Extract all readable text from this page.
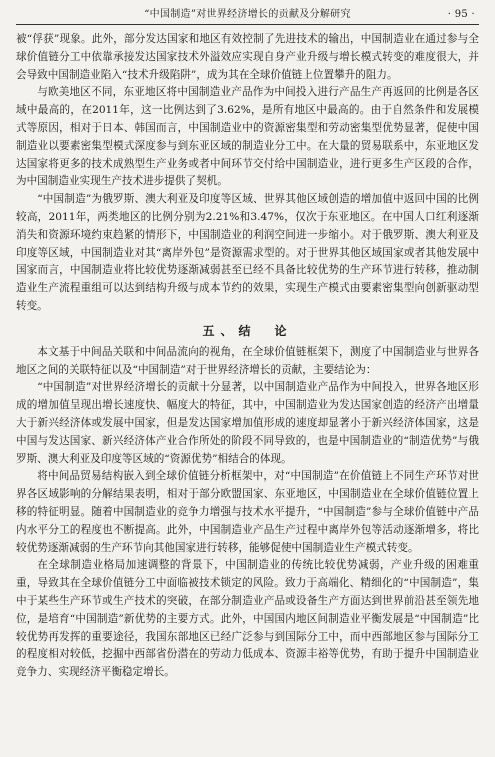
“中国制造”对世界经济增长的贡献及分解研究	· 95 ·

被“俘获”现象。此外，部分发达国家和地区有效控制了先进技术的输出，中国制造业在通过参与全球价值链分工中依靠承接发达国家技术外溢效应实现自身产业升级与增长模式转变的难度很大，并会导致中国制造业陷入“技术升级陷阱”，成为其在全球价值链上位置攀升的阻力。

与欧美地区不同，东亚地区将中国制造业产品作为中间投入进行产品生产再返回的比例是各区域中最高的，在2011年，这一比例达到了3.62%，是所有地区中最高的。由于自然条件和发展模式等原因，相对于日本、韩国而言，中国制造业中的资源密集型和劳动密集型优势显著，促使中国制造业以要素密集型模式深度参与到东亚区域的制造业分工中。在大量的贸易联系中，东亚地区发达国家将更多的技术成熟型生产业务或者中间环节交付给中国制造业，进行更多生产区段的合作，为中国制造业实现生产技术进步提供了契机。

“中国制造”为俄罗斯、澳大利亚及印度等区域、世界其他区域创造的增加值中返回中国的比例较高，2011年，两类地区的比例分别为2.21%和3.47%，仅次于东亚地区。在中国人口红利逐渐消失和资源环境约束趋紧的情形下，中国制造业的利润空间进一步缩小。对于俄罗斯、澳大利亚及印度等区域，中国制造业对其“离岸外包”是资源需求型的。对于世界其他区域国家或者其他发展中国家而言，中国制造业将比较优势逐渐减弱甚至已经不具备比较优势的生产环节进行转移，推动制造业生产流程重组可以达到结构升级与成本节约的效果，实现生产模式由要素密集型向创新驱动型转变。

五、结　论

本文基于中间品关联和中间品流向的视角，在全球价值链框架下，测度了中国制造业与世界各地区之间的关联特征以及“中国制造”对于世界经济增长的贡献，主要结论为：

“中国制造”对世界经济增长的贡献十分显著，以中国制造业产品作为中间投入，世界各地区形成的增加值呈现出增长速度快、幅度大的特征，其中，中国制造业为发达国家创造的经济产出增量大于新兴经济体或发展中国家，但是发达国家增加值形成的速度却显著小于新兴经济体国家，这是中国与发达国家、新兴经济体产业合作所处的阶段不同导致的，也是中国制造业的“制造优势”与俄罗斯、澳大利亚及印度等区域的“资源优势”相结合的体现。

将中间品贸易结构嵌入到全球价值链分析框架中，对“中国制造”在价值链上不同生产环节对世界各区域影响的分解结果表明，相对于部分欧盟国家、东亚地区，中国制造业在全球价值链位置上移的特征明显。随着中国制造业的竞争力增强与技术水平提升，“中国制造”参与全球价值链中产品内水平分工的程度也不断提高。此外，中国制造业产品生产过程中离岸外包等活动逐渐增多，将比较优势逐渐减弱的生产环节向其他国家进行转移，能够促使中国制造业生产模式转变。

在全球制造业格局加速调整的背景下，中国制造业的传统比较优势减弱，产业升级的困难重重，导致其在全球价值链分工中面临被技术锁定的风险。致力于高端化、精细化的“中国制造”，集中于某些生产环节或生产技术的突破，在部分制造业产品或设备生产方面达到世界前沿甚至领先地位，是培育“中国制造”新优势的主要方式。此外，中国国内地区间制造业平衡发展是“中国制造”比较优势再发挥的重要途径，我国东部地区已经广泛参与到国际分工中，而中西部地区参与国际分工的程度相对较低，挖掘中西部省份潜在的劳动力低成本、资源丰裕等优势，有助于提升中国制造业竞争力、实现经济平衡稳定增长。
